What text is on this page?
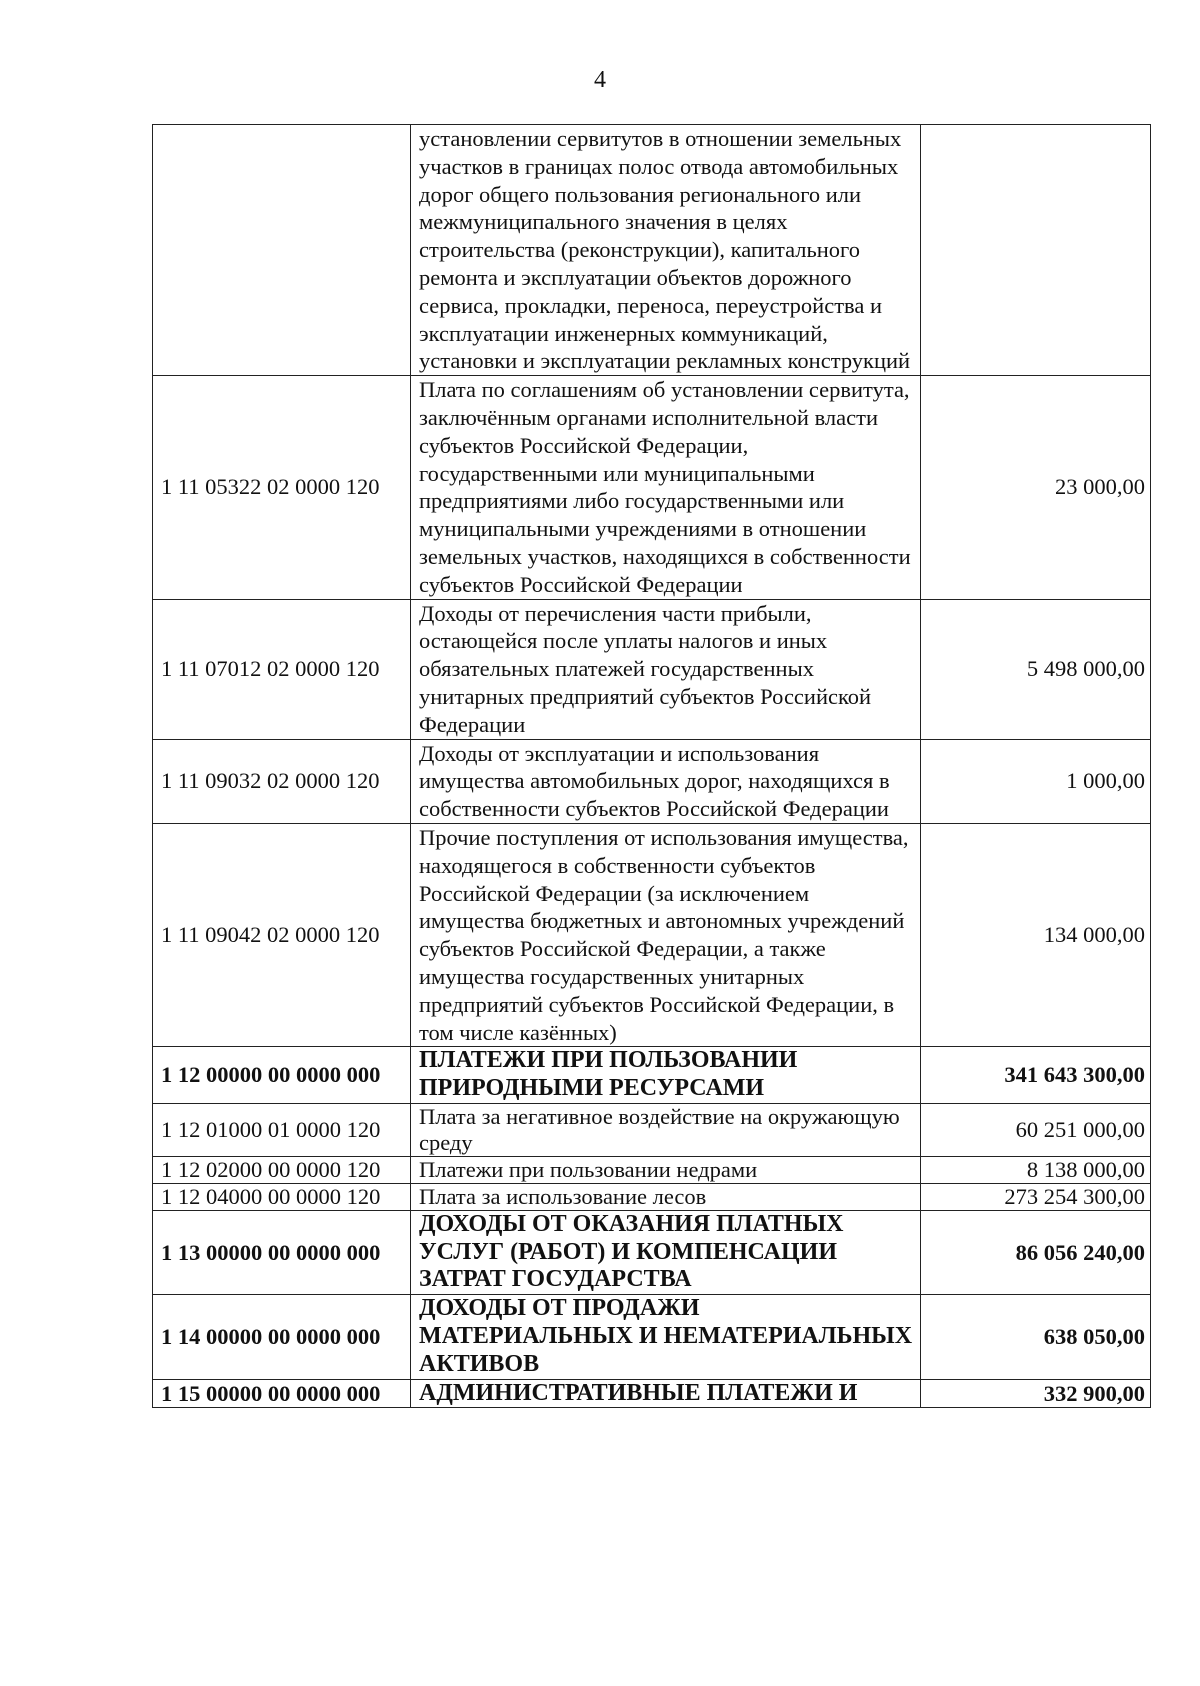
4
	установлении сервитутов в отношении земельных участков в границах полос отвода автомобильных дорог общего пользования регионального или межмуниципального значения в целях строительства (реконструкции), капитального ремонта и эксплуатации объектов дорожного сервиса, прокладки, переноса, переустройства и эксплуатации инженерных коммуникаций, установки и эксплуатации рекламных конструкций	
1 11 05322 02 0000 120	Плата по соглашениям об установлении сервитута, заключённым органами исполнительной власти субъектов Российской Федерации, государственными или муниципальными предприятиями либо государственными или муниципальными учреждениями в отношении земельных участков, находящихся в собственности субъектов Российской Федерации	23 000,00
1 11 07012 02 0000 120	Доходы от перечисления части прибыли, остающейся после уплаты налогов и иных обязательных платежей государственных унитарных предприятий субъектов Российской Федерации	5 498 000,00
1 11 09032 02 0000 120	Доходы от эксплуатации и использования имущества автомобильных дорог, находящихся в собственности субъектов Российской Федерации	1 000,00
1 11 09042 02 0000 120	Прочие поступления от использования имущества, находящегося в собственности субъектов Российской Федерации (за исключением имущества бюджетных и автономных учреждений субъектов Российской Федерации, а также имущества государственных унитарных предприятий субъектов Российской Федерации, в том числе казённых)	134 000,00
1 12 00000 00 0000 000	ПЛАТЕЖИ ПРИ ПОЛЬЗОВАНИИ ПРИРОДНЫМИ РЕСУРСАМИ	341 643 300,00
1 12 01000 01 0000 120	Плата за негативное воздействие на окружающую среду	60 251 000,00
1 12 02000 00 0000 120	Платежи при пользовании недрами	8 138 000,00
1 12 04000 00 0000 120	Плата за использование лесов	273 254 300,00
1 13 00000 00 0000 000	ДОХОДЫ ОТ ОКАЗАНИЯ ПЛАТНЫХ УСЛУГ (РАБОТ) И КОМПЕНСАЦИИ ЗАТРАТ ГОСУДАРСТВА	86 056 240,00
1 14 00000 00 0000 000	ДОХОДЫ ОТ ПРОДАЖИ МАТЕРИАЛЬНЫХ И НЕМАТЕРИАЛЬНЫХ АКТИВОВ	638 050,00
1 15 00000 00 0000 000	АДМИНИСТРАТИВНЫЕ ПЛАТЕЖИ И	332 900,00
